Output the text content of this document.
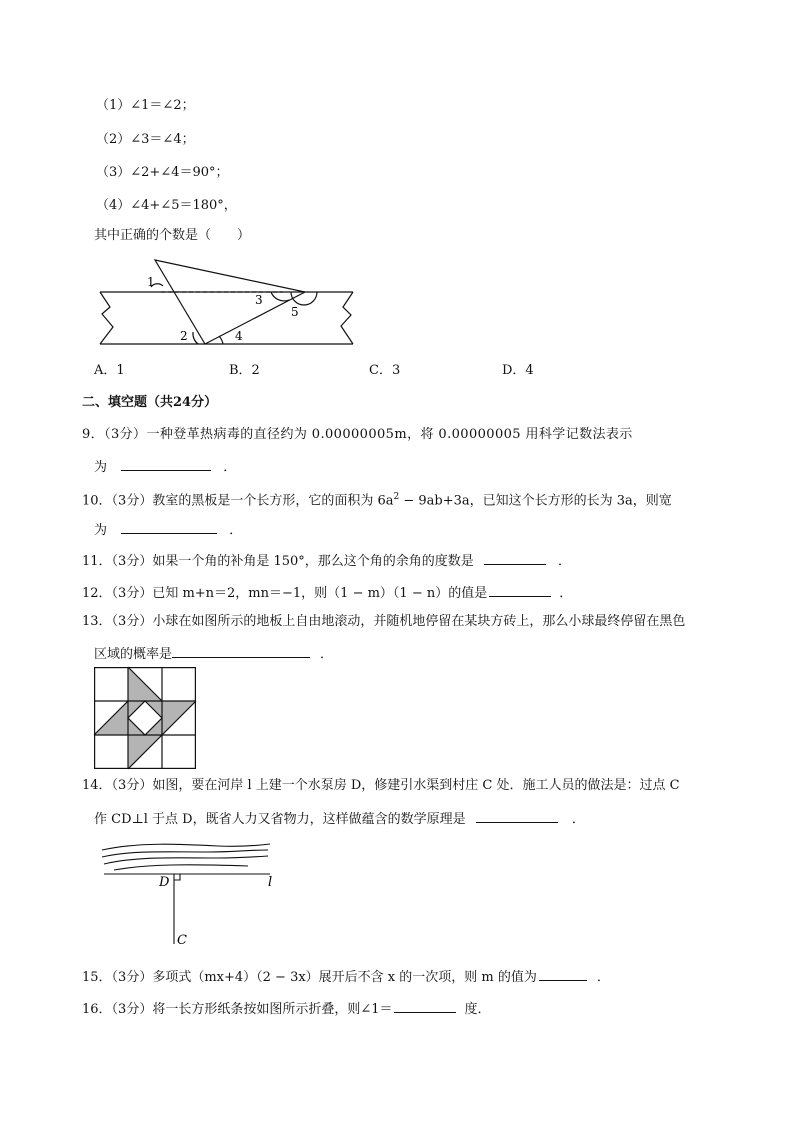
（1）∠1＝∠2；
（2）∠3＝∠4；
（3）∠2+∠4＝90°；
（4）∠4+∠5＝180°，
其中正确的个数是（　　）
1
2
3
4
5
A．1	B．2	C．3	D．4
二、填空题（共24分）
9．（3分）一种登革热病毒的直径约为 0.00000005m，将 0.00000005 用科学记数法表示
为	．
10．（3分）教室的黑板是一个长方形，它的面积为 $6a^2 - 9ab+3a$，已知这个长方形的长为 3a，则宽
为	．
11．（3分）如果一个角的补角是 150°，那么这个角的余角的度数是	．
12．（3分）已知 m+n＝2，mn＝−1，则（1 − m）（1 − n）的值是	．
13．（3分）小球在如图所示的地板上自由地滚动，并随机地停留在某块方砖上，那么小球最终停留在黑色
区域的概率是	．
14．（3分）如图，要在河岸 l 上建一个水泵房 D，修建引水渠到村庄 C 处．施工人员的做法是：过点 C
作 CD⊥l 于点 D，既省人力又省物力，这样做蕴含的数学原理是	．
D	l
C
15．（3分）多项式（mx+4）（2 − 3x）展开后不含 x 的一次项，则 m 的值为	．
16．（3分）将一长方形纸条按如图所示折叠，则∠1＝	度．
